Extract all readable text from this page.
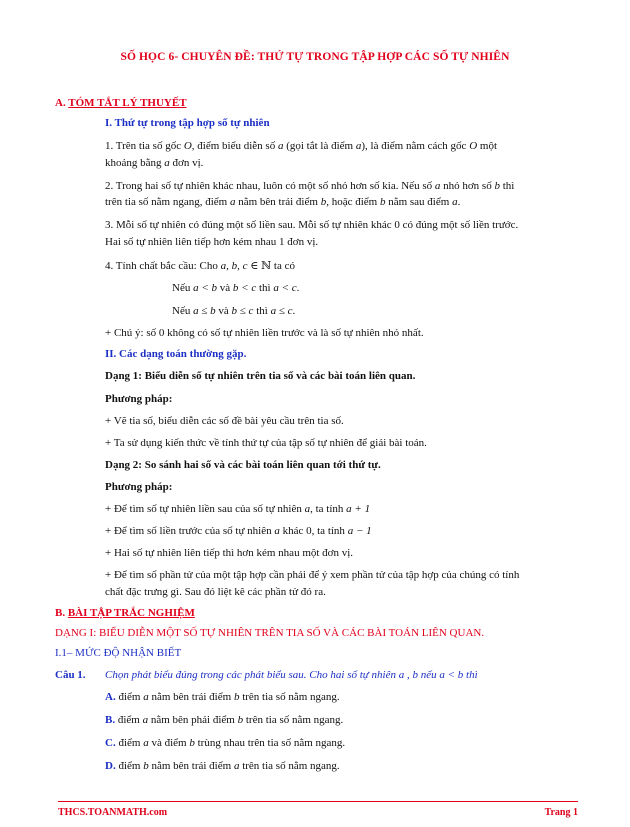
SỐ HỌC 6- CHUYÊN ĐỀ: THỨ TỰ TRONG TẬP HỢP CÁC SỐ TỰ NHIÊN
A. TÓM TẮT LÝ THUYẾT
I. Thứ tự trong tập hợp số tự nhiên
1. Trên tia số gốc O, điểm biểu diễn số a (gọi tắt là điểm a), là điểm nằm cách gốc O một
khoảng bằng a đơn vị.
2. Trong hai số tự nhiên khác nhau, luôn có một số nhỏ hơn số kia. Nếu số a nhỏ hơn số b thì
trên tia số nằm ngang, điểm a nằm bên trái điểm b, hoặc điểm b nằm sau điểm a.
3. Mỗi số tự nhiên có đúng một số liền sau. Mỗi số tự nhiên khác 0 có đúng một số liền trước.
Hai số tự nhiên liên tiếp hơn kém nhau 1 đơn vị.
4. Tính chất bắc cầu: Cho a, b, c ∈ ℕ ta có
Nếu a < b và b < c thì a < c.
Nếu a ≤ b và b ≤ c thì a ≤ c.
+ Chú ý: số 0 không có số tự nhiên liền trước và là số tự nhiên nhỏ nhất.
II. Các dạng toán thường gặp.
Dạng 1: Biểu diễn số tự nhiên trên tia số và các bài toán liên quan.
Phương pháp:
+ Vẽ tia số, biểu diễn các số đề bài yêu cầu trên tia số.
+ Ta sử dụng kiến thức về tính thứ tự của tập số tự nhiên để giải bài toán.
Dạng 2: So sánh hai số và các bài toán liên quan tới thứ tự.
Phương pháp:
+ Để tìm số tự nhiên liền sau của số tự nhiên a, ta tính a + 1
+ Để tìm số liền trước của số tự nhiên a khác 0, ta tính a − 1
+ Hai số tự nhiên liên tiếp thì hơn kém nhau một đơn vị.
+ Để tìm số phần tử của một tập hợp cần phải để ý xem phần tử của tập hợp của chúng có tính
chất đặc trưng gì. Sau đó liệt kê các phần tử đó ra.
B. BÀI TẬP TRẮC NGHIỆM
DẠNG I: BIỂU DIỄN MỘT SỐ TỰ NHIÊN TRÊN TIA SỐ VÀ CÁC BÀI TOÁN LIÊN QUAN.
I.1– MỨC ĐỘ NHẬN BIẾT
Câu 1. Chọn phát biểu đúng trong các phát biểu sau. Cho hai số tự nhiên a , b nếu a < b thì
A. điểm a nằm bên trái điểm b trên tia số nằm ngang.
B. điểm a nằm bên phải điểm b trên tia số nằm ngang.
C. điểm a và điểm b trùng nhau trên tia số nằm ngang.
D. điểm b nằm bên trái điểm a trên tia số nằm ngang.
THCS.TOANMATH.com	Trang 1
